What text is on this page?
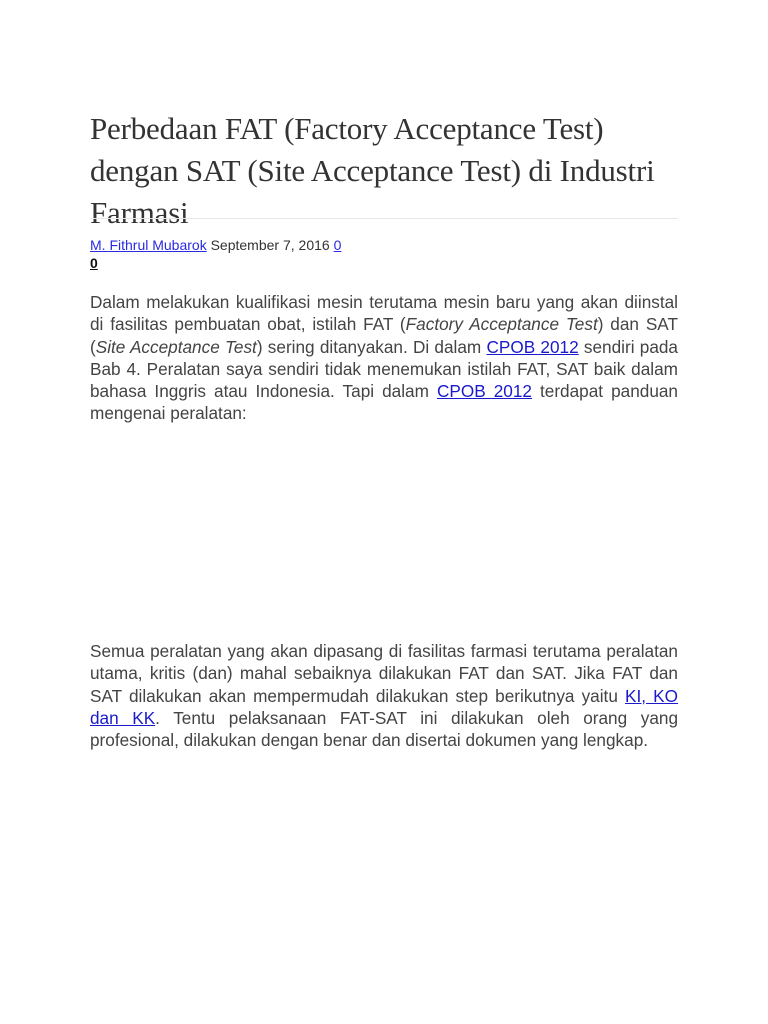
Perbedaan FAT (Factory Acceptance Test) dengan SAT (Site Acceptance Test) di Industri Farmasi
M. Fithrul Mubarok September 7, 2016 0
0

Dalam melakukan kualifikasi mesin terutama mesin baru yang akan diinstal di fasilitas pembuatan obat, istilah FAT (Factory Acceptance Test) dan SAT (Site Acceptance Test) sering ditanyakan. Di dalam CPOB 2012 sendiri pada Bab 4. Peralatan saya sendiri tidak menemukan istilah FAT, SAT baik dalam bahasa Inggris atau Indonesia. Tapi dalam CPOB 2012 terdapat panduan mengenai peralatan:

Semua peralatan yang akan dipasang di fasilitas farmasi terutama peralatan utama, kritis (dan) mahal sebaiknya dilakukan FAT dan SAT. Jika FAT dan SAT dilakukan akan mempermudah dilakukan step berikutnya yaitu KI, KO dan KK. Tentu pelaksanaan FAT-SAT ini dilakukan oleh orang yang profesional, dilakukan dengan benar dan disertai dokumen yang lengkap.
